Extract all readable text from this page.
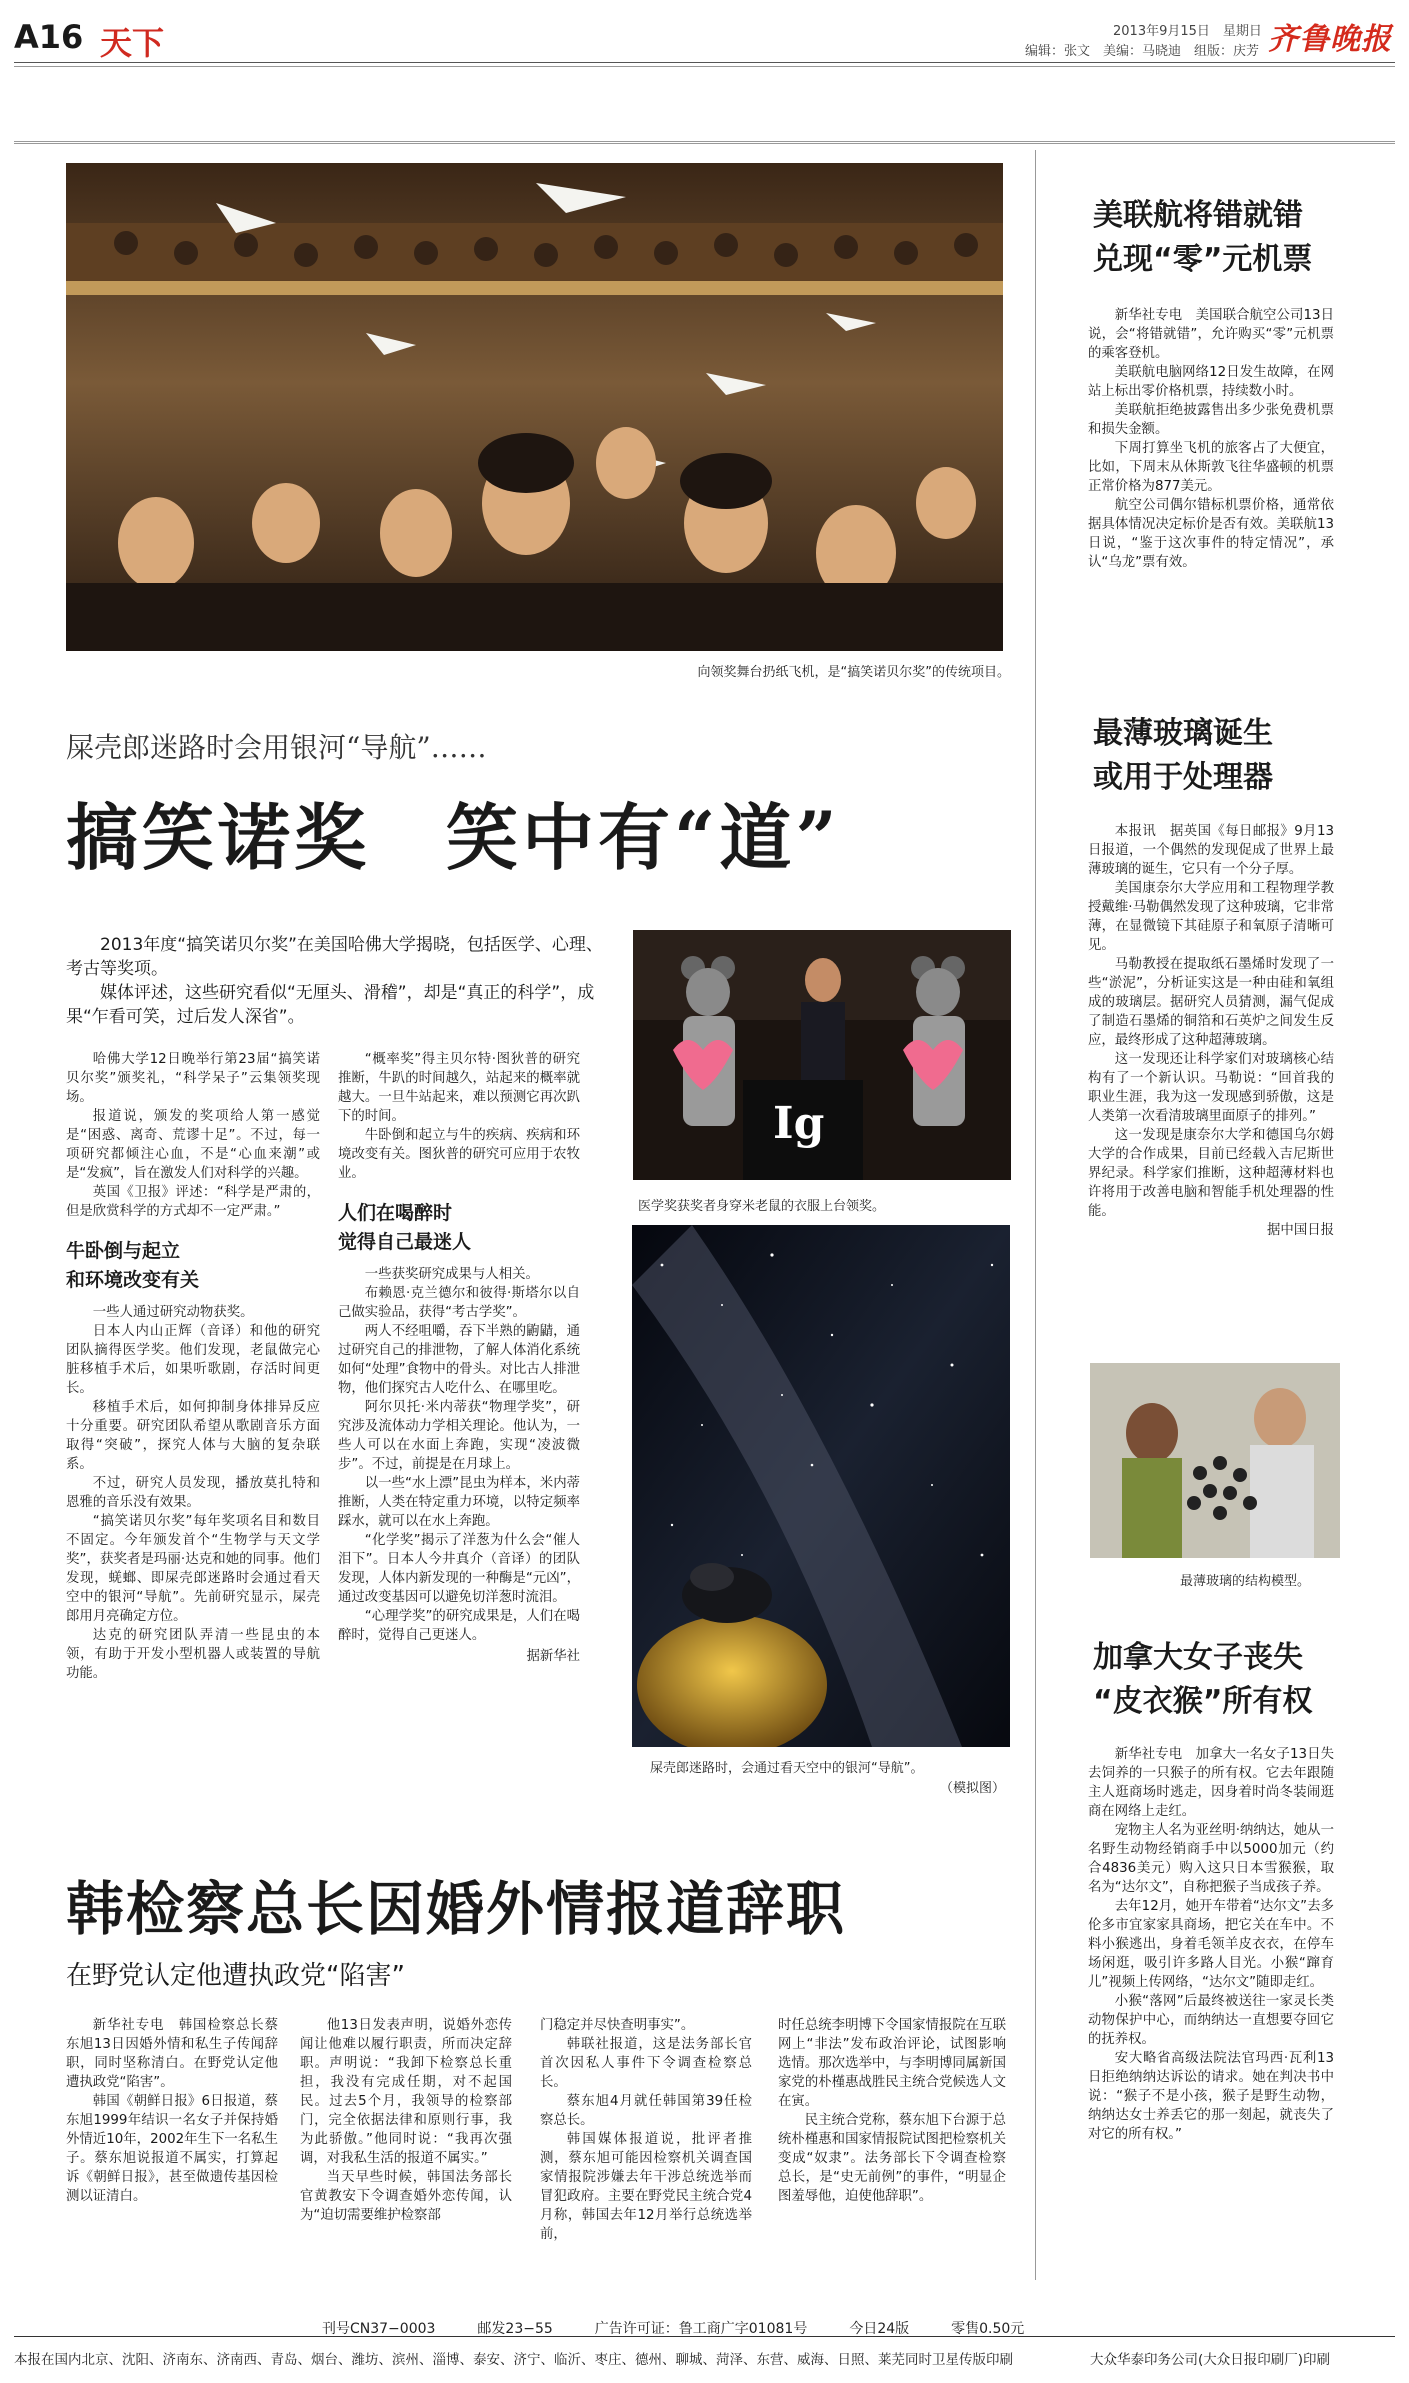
A16 天下	2013年9月15日　星期日
编辑：张文　美编：马晓迪　组版：庆芳 齐鲁晚报
向领奖舞台扔纸飞机，是“搞笑诺贝尔奖”的传统项目。
屎壳郎迷路时会用银河“导航”……
搞笑诺奖　笑中有“道”

2013年度“搞笑诺贝尔奖”在美国哈佛大学揭晓，包括医学、心理、考古等奖项。

媒体评述，这些研究看似“无厘头、滑稽”，却是“真正的科学”，成果“乍看可笑，过后发人深省”。

哈佛大学12日晚举行第23届“搞笑诺贝尔奖”颁奖礼，“科学呆子”云集领奖现场。

报道说，颁发的奖项给人第一感觉是“困惑、离奇、荒谬十足”。不过，每一项研究都倾注心血，不是“心血来潮”或是“发疯”，旨在激发人们对科学的兴趣。

英国《卫报》评述：“科学是严肃的，但是欣赏科学的方式却不一定严肃。”

牛卧倒与起立
和环境改变有关

一些人通过研究动物获奖。

日本人内山正辉（音译）和他的研究团队摘得医学奖。他们发现，老鼠做完心脏移植手术后，如果听歌剧，存活时间更长。

移植手术后，如何抑制身体排异反应十分重要。研究团队希望从歌剧音乐方面取得“突破”，探究人体与大脑的复杂联系。

不过，研究人员发现，播放莫扎特和恩雅的音乐没有效果。

“搞笑诺贝尔奖”每年奖项名目和数目不固定。今年颁发首个“生物学与天文学奖”，获奖者是玛丽·达克和她的同事。他们发现，蜣螂、即屎壳郎迷路时会通过看天空中的银河“导航”。先前研究显示，屎壳郎用月亮确定方位。

达克的研究团队弄清一些昆虫的本领，有助于开发小型机器人或装置的导航功能。

“概率奖”得主贝尔特·图狄普的研究推断，牛趴的时间越久，站起来的概率就越大。一旦牛站起来，难以预测它再次趴下的时间。

牛卧倒和起立与牛的疾病、疾病和环境改变有关。图狄普的研究可应用于农牧业。

人们在喝醉时
觉得自己最迷人

一些获奖研究成果与人相关。

布赖恩·克兰德尔和彼得·斯塔尔以自己做实验品，获得“考古学奖”。

两人不经咀嚼，吞下半熟的鼩鼱，通过研究自己的排泄物，了解人体消化系统如何“处理”食物中的骨头。对比古人排泄物，他们探究古人吃什么、在哪里吃。

阿尔贝托·米内蒂获“物理学奖”，研究涉及流体动力学相关理论。他认为，一些人可以在水面上奔跑，实现“凌波微步”。不过，前提是在月球上。

以一些“水上漂”昆虫为样本，米内蒂推断，人类在特定重力环境，以特定频率踩水，就可以在水上奔跑。

“化学奖”揭示了洋葱为什么会“催人泪下”。日本人今井真介（音译）的团队发现，人体内新发现的一种酶是“元凶”，通过改变基因可以避免切洋葱时流泪。

“心理学奖”的研究成果是，人们在喝醉时，觉得自己更迷人。

据新华社
Ig
医学奖获奖者身穿米老鼠的衣服上台领奖。
屎壳郎迷路时，会通过看天空中的银河“导航”。
（模拟图）
美联航将错就错
兑现“零”元机票

新华社专电　美国联合航空公司13日说，会“将错就错”，允许购买“零”元机票的乘客登机。

美联航电脑网络12日发生故障，在网站上标出零价格机票，持续数小时。

美联航拒绝披露售出多少张免费机票和损失金额。

下周打算坐飞机的旅客占了大便宜，比如，下周末从休斯敦飞往华盛顿的机票正常价格为877美元。

航空公司偶尔错标机票价格，通常依据具体情况决定标价是否有效。美联航13日说，“鉴于这次事件的特定情况”，承认“乌龙”票有效。

最薄玻璃诞生
或用于处理器

本报讯　据英国《每日邮报》9月13日报道，一个偶然的发现促成了世界上最薄玻璃的诞生，它只有一个分子厚。

美国康奈尔大学应用和工程物理学教授戴维·马勒偶然发现了这种玻璃，它非常薄，在显微镜下其硅原子和氧原子清晰可见。

马勒教授在提取纸石墨烯时发现了一些“淤泥”，分析证实这是一种由硅和氧组成的玻璃层。据研究人员猜测，漏气促成了制造石墨烯的铜箔和石英炉之间发生反应，最终形成了这种超薄玻璃。

这一发现还让科学家们对玻璃核心结构有了一个新认识。马勒说：“回首我的职业生涯，我为这一发现感到骄傲，这是人类第一次看清玻璃里面原子的排列。”

这一发现是康奈尔大学和德国乌尔姆大学的合作成果，目前已经载入吉尼斯世界纪录。科学家们推断，这种超薄材料也许将用于改善电脑和智能手机处理器的性能。

据中国日报
最薄玻璃的结构模型。
加拿大女子丧失
“皮衣猴”所有权

新华社专电　加拿大一名女子13日失去饲养的一只猴子的所有权。它去年跟随主人逛商场时逃走，因身着时尚冬装闹逛商在网络上走红。

宠物主人名为亚丝明·纳纳达，她从一名野生动物经销商手中以5000加元（约合4836美元）购入这只日本雪猴猴，取名为“达尔文”，自称把猴子当成孩子养。

去年12月，她开车带着“达尔文”去多伦多市宜家家具商场，把它关在车中。不料小猴逃出，身着毛领羊皮衣衣，在停车场闲逛，吸引许多路人目光。小猴“蹿育儿”视频上传网络，“达尔文”随即走红。

小猴“落网”后最终被送往一家灵长类动物保护中心，而纳纳达一直想要夺回它的抚养权。

安大略省高级法院法官玛西·瓦利13日拒绝纳纳达诉讼的请求。她在判决书中说：“猴子不是小孩，猴子是野生动物，纳纳达女士养丢它的那一刻起，就丧失了对它的所有权。”

韩检察总长因婚外情报道辞职
在野党认定他遭执政党“陷害”

新华社专电　韩国检察总长蔡东旭13日因婚外情和私生子传闻辞职，同时坚称清白。在野党认定他遭执政党“陷害”。

韩国《朝鲜日报》6日报道，蔡东旭1999年结识一名女子并保持婚外情近10年，2002年生下一名私生子。蔡东旭说报道不属实，打算起诉《朝鲜日报》，甚至做遗传基因检测以证清白。

他13日发表声明，说婚外恋传闻让他难以履行职责，所而决定辞职。声明说：“我卸下检察总长重担，我没有完成任期，对不起国民。过去5个月，我领导的检察部门，完全依据法律和原则行事，我为此骄傲。”他同时说：“我再次强调，对我私生活的报道不属实。”

当天早些时候，韩国法务部长官黄教安下令调查婚外恋传闻，认为“迫切需要维护检察部

门稳定并尽快查明事实”。

韩联社报道，这是法务部长官首次因私人事件下令调查检察总长。

蔡东旭4月就任韩国第39任检察总长。

韩国媒体报道说，批评者推测，蔡东旭可能因检察机关调查国家情报院涉嫌去年干涉总统选举而冒犯政府。主要在野党民主统合党4月称，韩国去年12月举行总统选举前，

时任总统李明博下令国家情报院在互联网上“非法”发布政治评论，试图影响选情。那次选举中，与李明博同属新国家党的朴槿惠战胜民主统合党候选人文在寅。

民主统合党称，蔡东旭下台源于总统朴槿惠和国家情报院试图把检察机关变成“奴隶”。法务部长下令调查检察总长，是“史无前例”的事件，“明显企图羞辱他，迫使他辞职”。

刊号CN37−0003　　　邮发23−55　　　广告许可证：鲁工商广字01081号　　　今日24版　　　零售0.50元
本报在国内北京、沈阳、济南东、济南西、青岛、烟台、潍坊、滨州、淄博、泰安、济宁、临沂、枣庄、德州、聊城、菏泽、东营、威海、日照、莱芜同时卫星传版印刷	大众华泰印务公司(大众日报印刷厂)印刷
